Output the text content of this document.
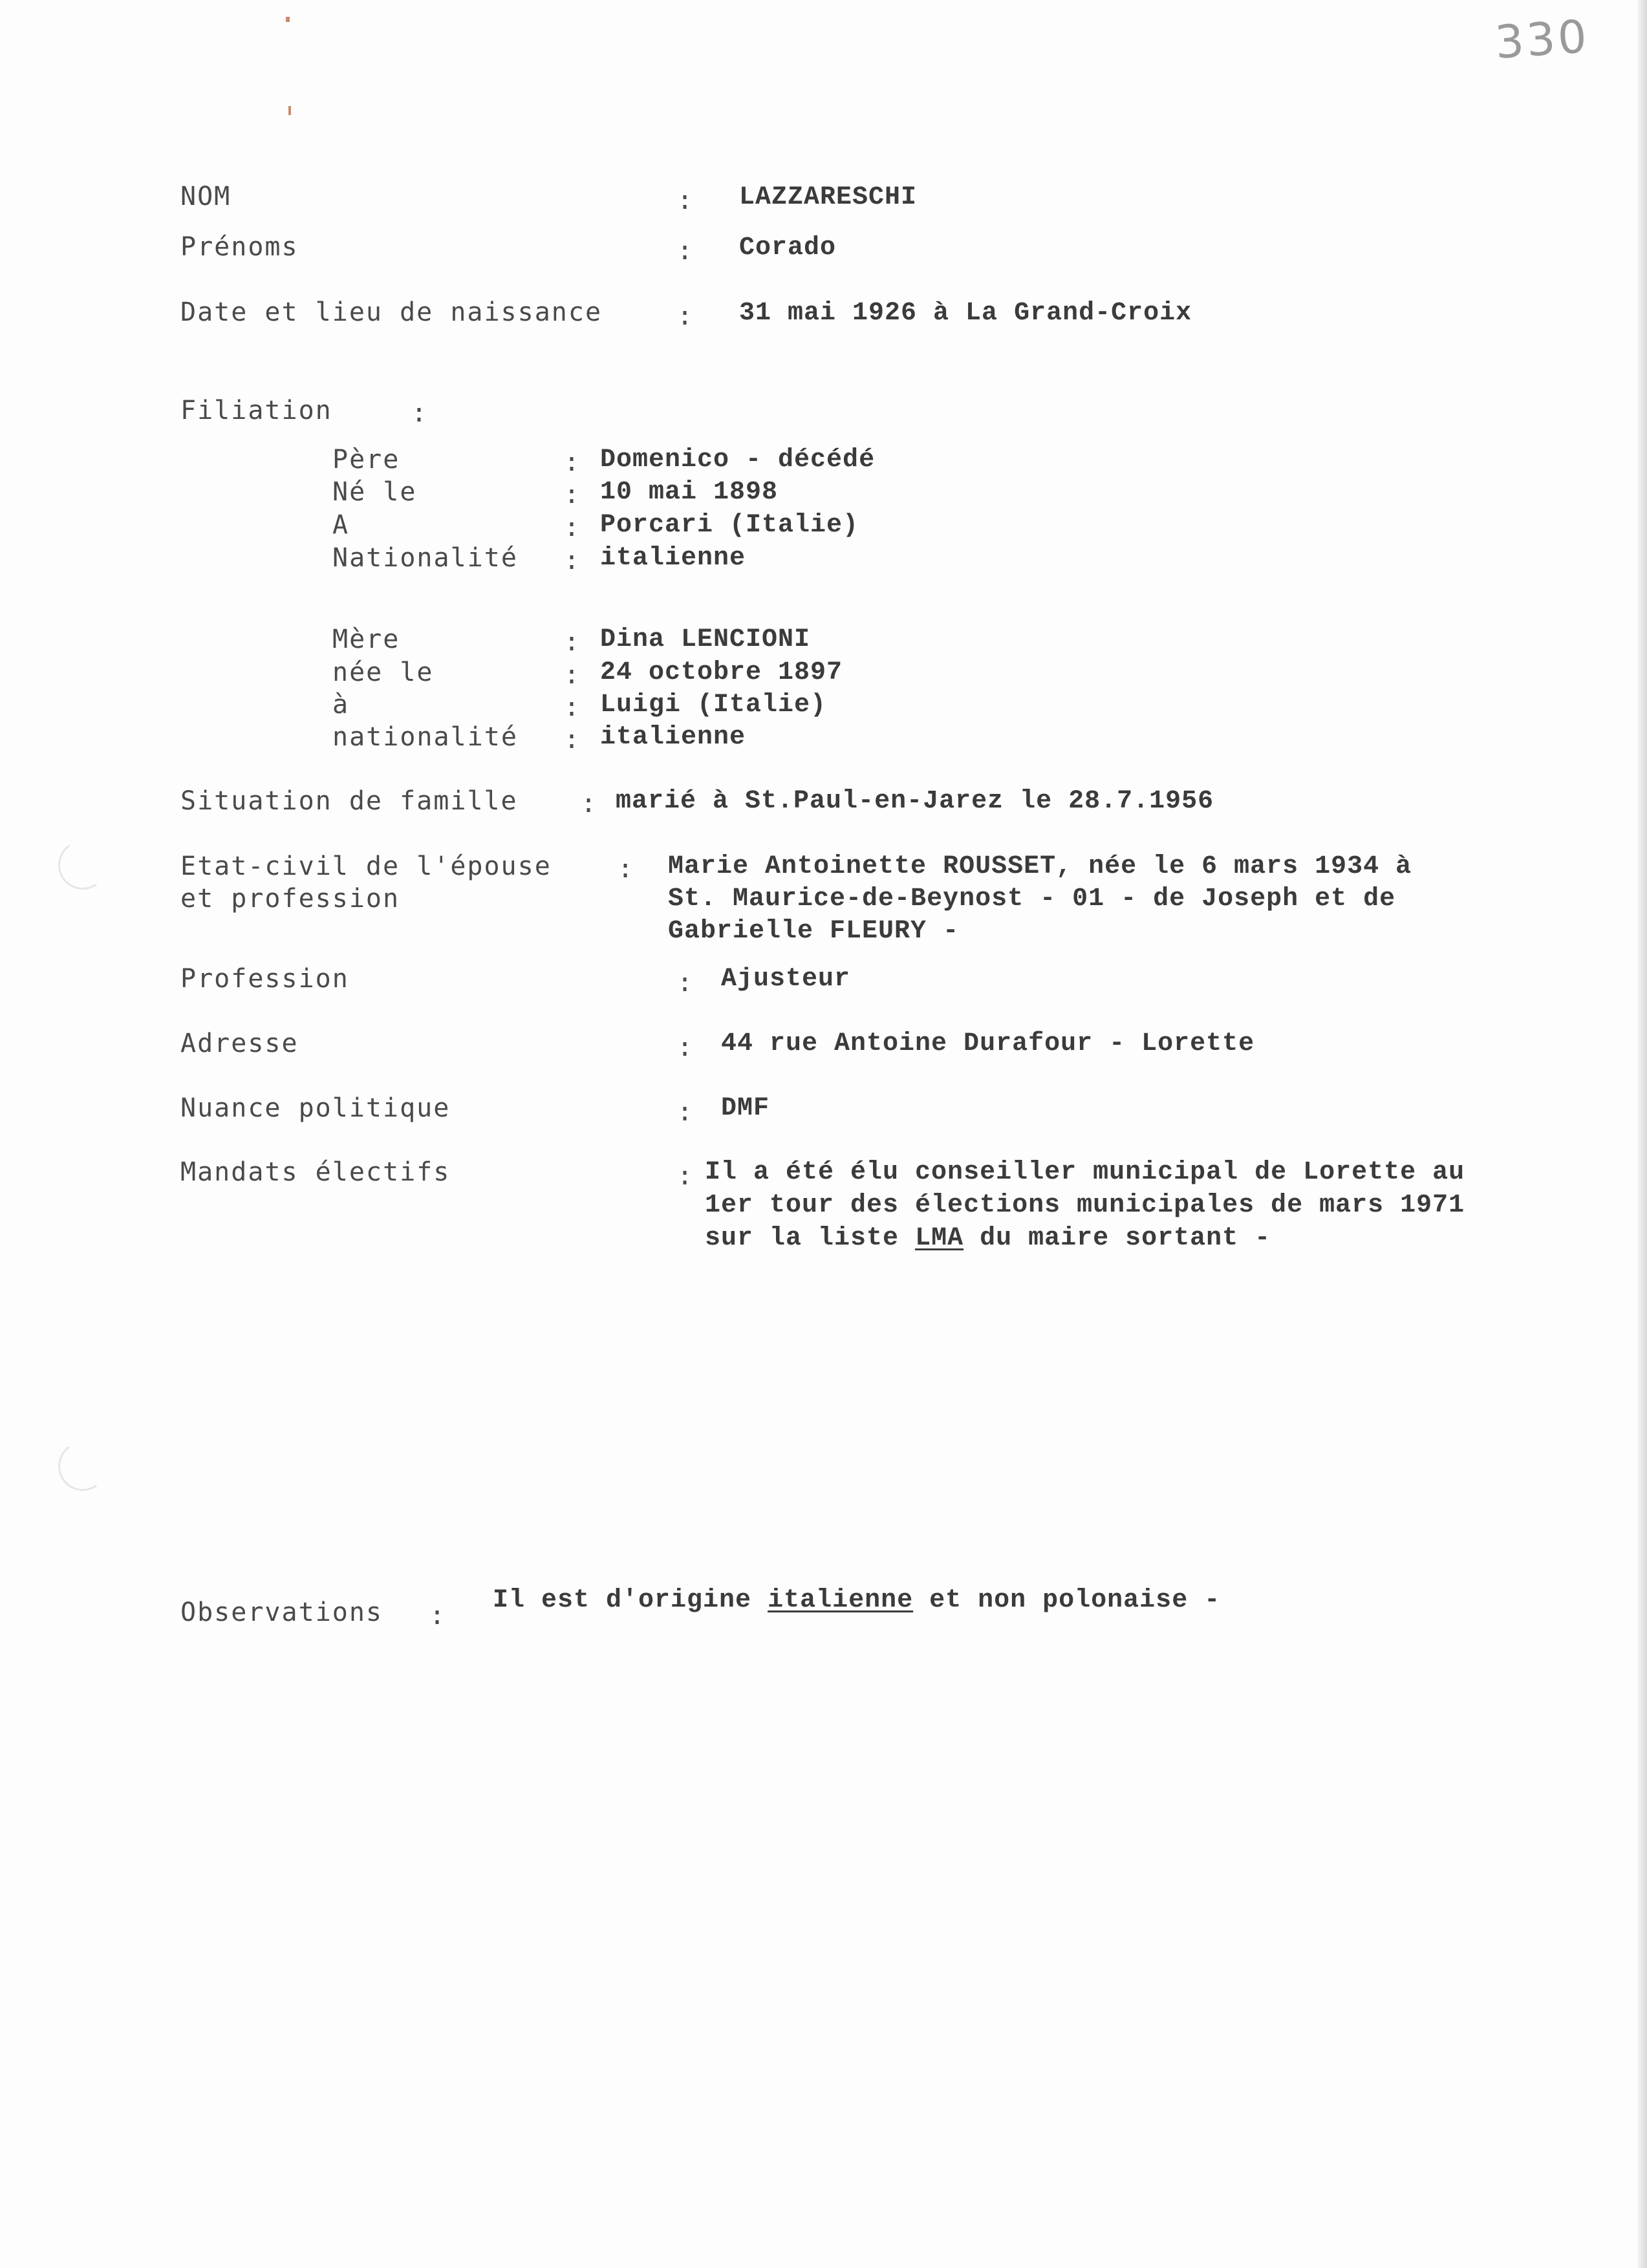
330
NOM	: LAZZARESCHI
Prénoms	: Corado
Date et lieu de naissance	: 31 mai 1926 à La Grand-Croix
Filiation	:
Père	: Domenico - décédé
Né le	: 10 mai 1898
A	: Porcari (Italie)
Nationalité : italienne
Mère	: Dina LENCIONI
née le	: 24 octobre 1897
à	: Luigi (Italie)
nationalité : italienne
Situation de famille : marié à St.Paul-en-Jarez le 28.7.1956
Etat-civil de l'épouse	:
et profession
Marie Antoinette ROUSSET, née le 6 mars 1934 à
St. Maurice-de-Beynost - 01 - de Joseph et de
Gabrielle FLEURY -
Profession	: Ajusteur
Adresse	: 44 rue Antoine Durafour - Lorette
Nuance politique	: DMF
Mandats électifs	: Il a été élu conseiller municipal de Lorette au
1er tour des élections municipales de mars 1971
sur la liste LMA du maire sortant -
Observations :
Il est d'origine italienne et non polonaise -
